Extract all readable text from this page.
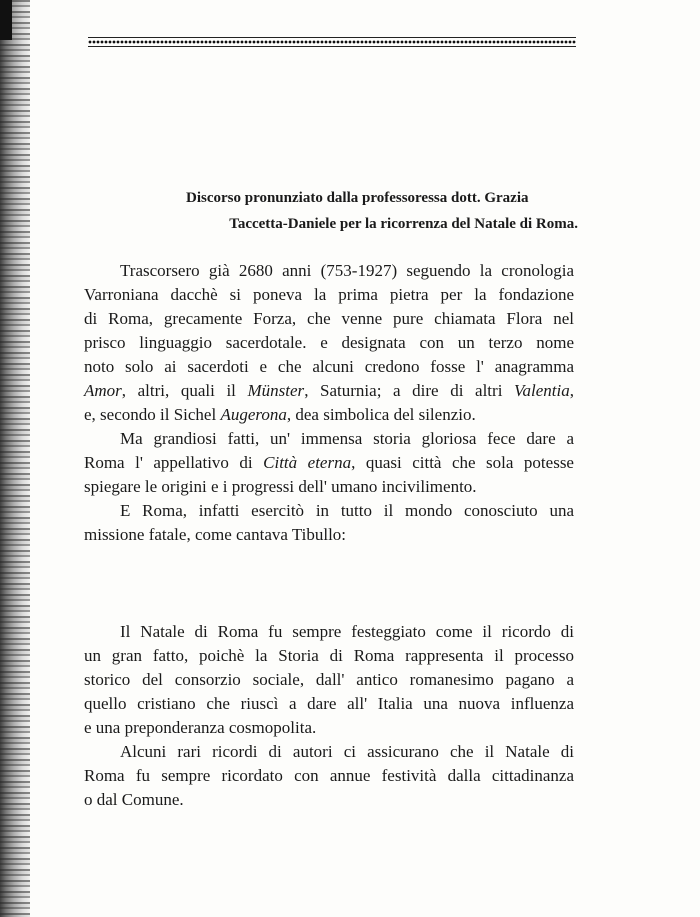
Discorso pronunziato dalla professoressa dott. Grazia
Taccetta-Daniele per la ricorrenza del Natale di Roma.
Trascorsero già 2680 anni (753-1927) seguendo la cronologia
Varroniana dacchè si poneva la prima pietra per la fondazione
di Roma, grecamente Forza, che venne pure chiamata Flora nel
prisco linguaggio sacerdotale. e designata con un terzo nome
noto solo ai sacerdoti e che alcuni credono fosse l' anagramma
Amor, altri, quali il Münster, Saturnia; a dire di altri Valentia,
e, secondo il Sichel Augerona, dea simbolica del silenzio.
Ma grandiosi fatti, un' immensa storia gloriosa fece dare a
Roma l' appellativo di Città eterna, quasi città che sola potesse
spiegare le origini e i progressi dell' umano incivilimento.
E Roma, infatti esercitò in tutto il mondo conosciuto una
missione fatale, come cantava Tibullo:
Il Natale di Roma fu sempre festeggiato come il ricordo di
un gran fatto, poichè la Storia di Roma rappresenta il processo
storico del consorzio sociale, dall' antico romanesimo pagano a
quello cristiano che riuscì a dare all' Italia una nuova influenza
e una preponderanza cosmopolita.
Alcuni rari ricordi di autori ci assicurano che il Natale di
Roma fu sempre ricordato con annue festività dalla cittadinanza
o dal Comune.
